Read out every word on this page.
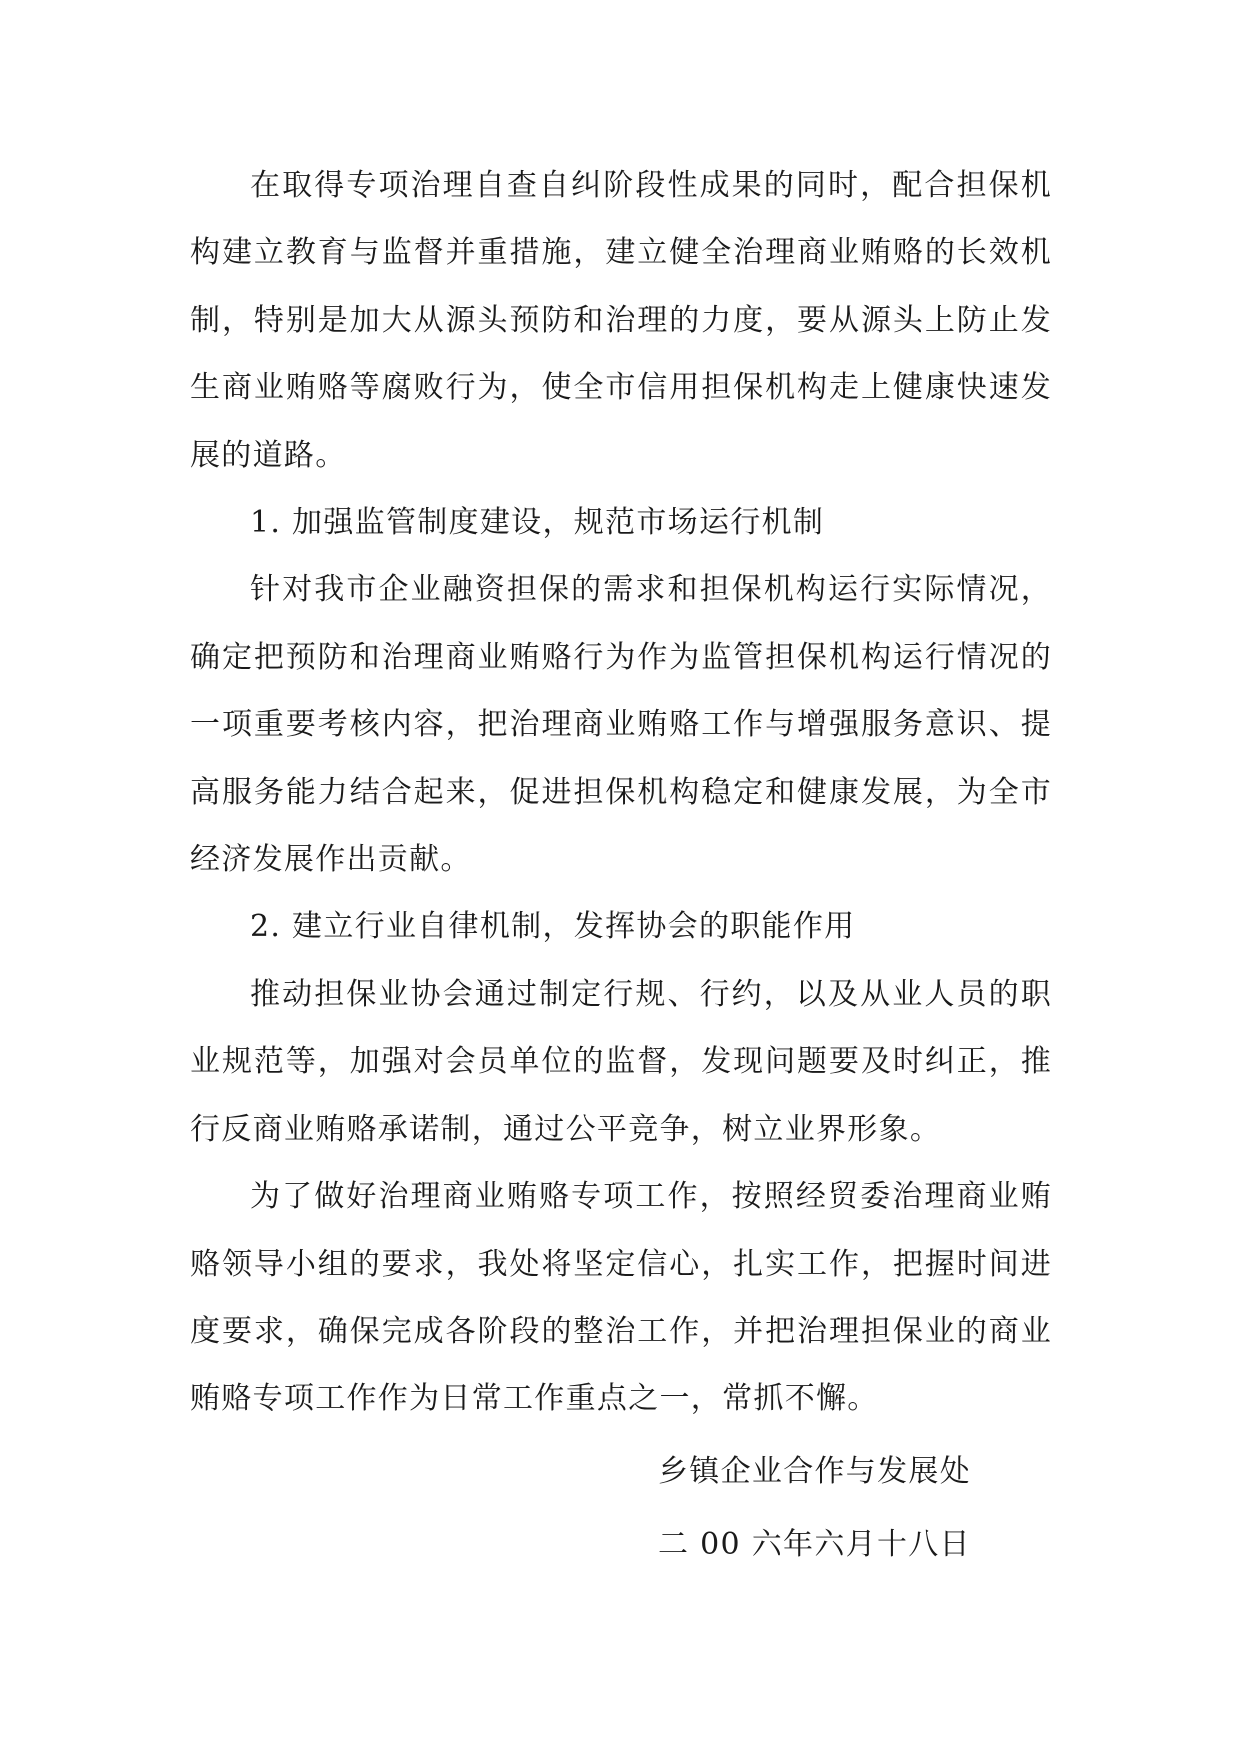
在取得专项治理自查自纠阶段性成果的同时，配合担保机构建立教育与监督并重措施，建立健全治理商业贿赂的长效机制，特别是加大从源头预防和治理的力度，要从源头上防止发生商业贿赂等腐败行为，使全市信用担保机构走上健康快速发展的道路。

1. 加强监管制度建设，规范市场运行机制

针对我市企业融资担保的需求和担保机构运行实际情况，确定把预防和治理商业贿赂行为作为监管担保机构运行情况的一项重要考核内容，把治理商业贿赂工作与增强服务意识、提高服务能力结合起来，促进担保机构稳定和健康发展，为全市经济发展作出贡献。

2. 建立行业自律机制，发挥协会的职能作用

推动担保业协会通过制定行规、行约，以及从业人员的职业规范等，加强对会员单位的监督，发现问题要及时纠正，推行反商业贿赂承诺制，通过公平竞争，树立业界形象。

为了做好治理商业贿赂专项工作，按照经贸委治理商业贿赂领导小组的要求，我处将坚定信心，扎实工作，把握时间进度要求，确保完成各阶段的整治工作，并把治理担保业的商业贿赂专项工作作为日常工作重点之一，常抓不懈。

乡镇企业合作与发展处

二 00 六年六月十八日
